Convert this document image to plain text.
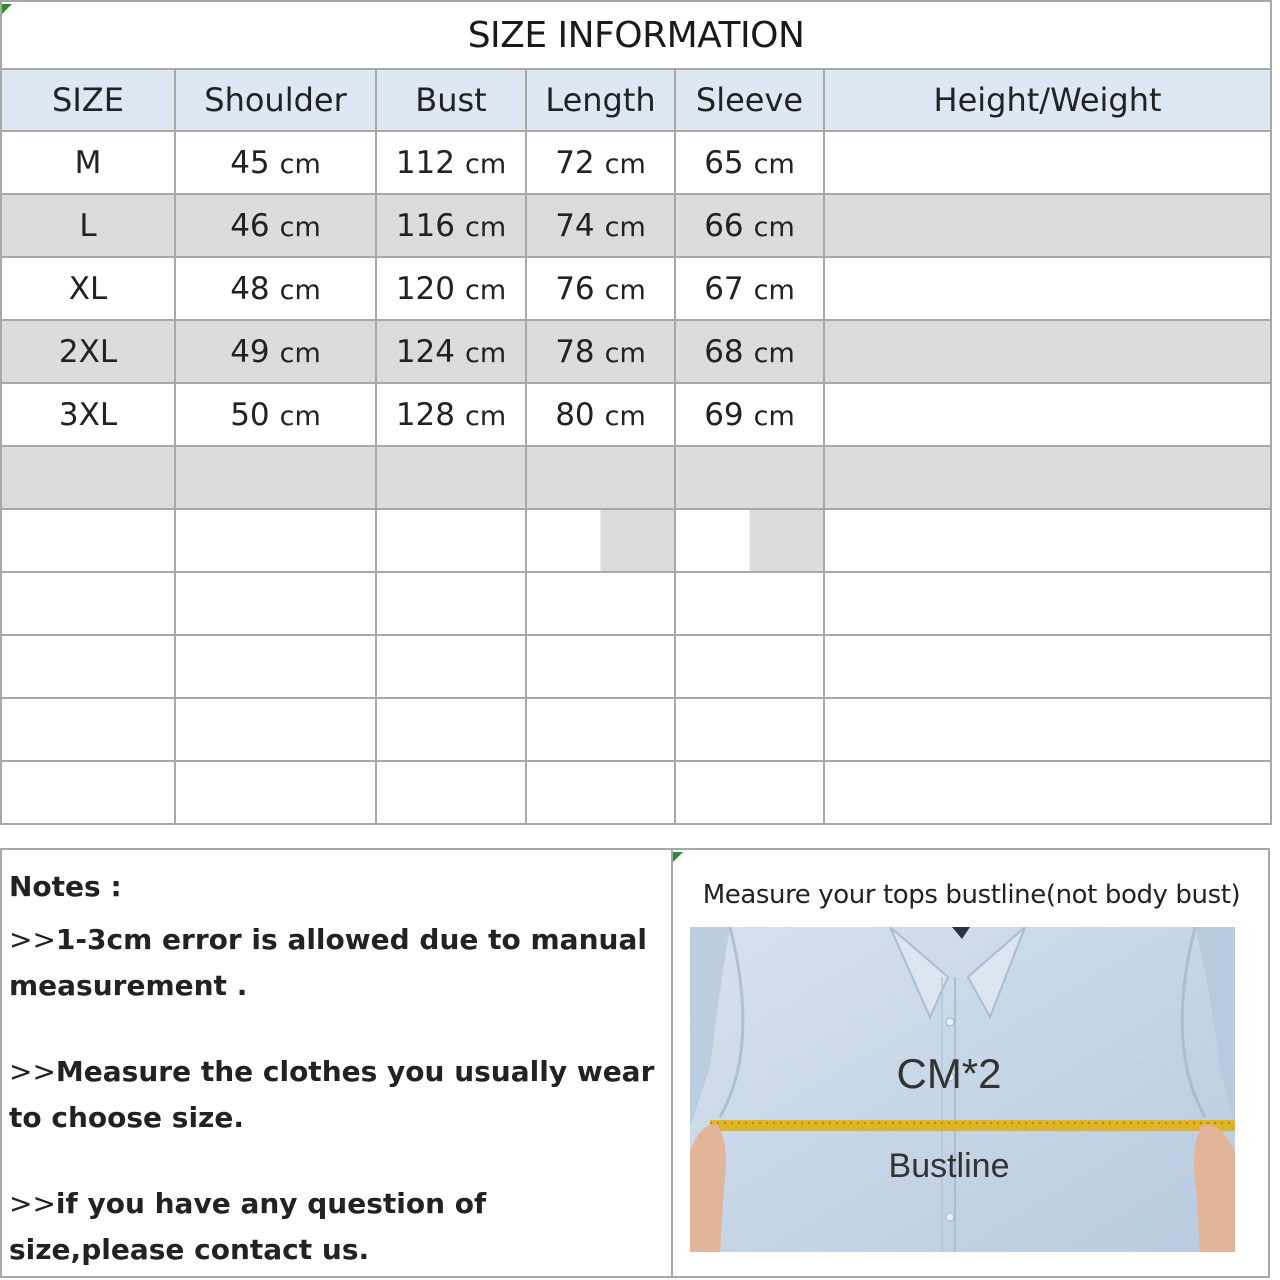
SIZE INFORMATION					
SIZE	Shoulder	Bust	Length	Sleeve	Height/Weight
M	45 cm	112 cm	72 cm	65 cm	
L	46 cm	116 cm	74 cm	66 cm	
XL	48 cm	120 cm	76 cm	67 cm	
2XL	49 cm	124 cm	78 cm	68 cm	
3XL	50 cm	128 cm	80 cm	69 cm	

Notes :
>>1-3cm error is allowed due to manual measurement .
>>Measure the clothes you usually wear to choose size.
>>if you have any question of size,please contact us.
Measure your tops bustline(not body bust)
CM*2
Bustline
